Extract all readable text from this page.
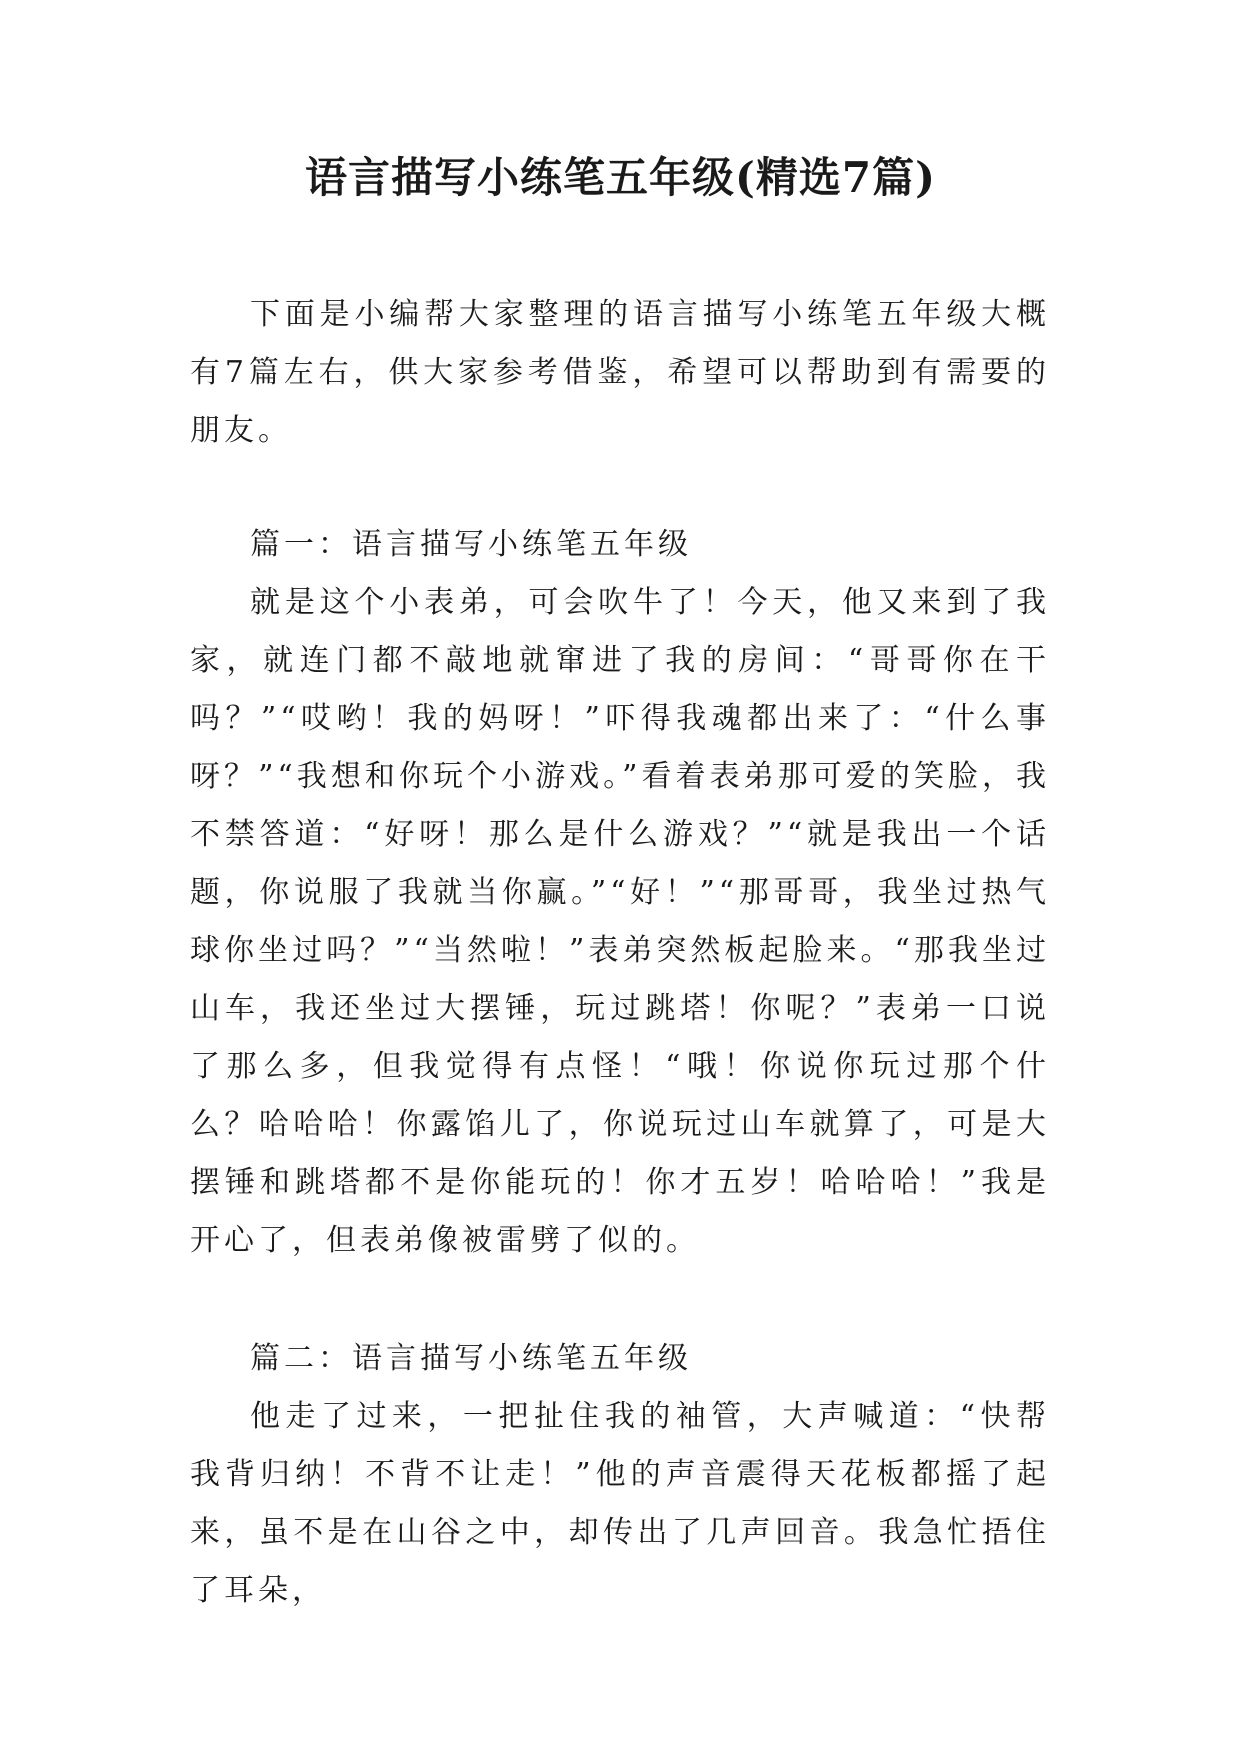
语言描写小练笔五年级(精选7篇)

下面是小编帮大家整理的语言描写小练笔五年级大概有7篇左右，供大家参考借鉴，希望可以帮助到有需要的朋友。

篇一：语言描写小练笔五年级

就是这个小表弟，可会吹牛了！今天，他又来到了我家，就连门都不敲地就窜进了我的房间：“哥哥你在干吗？”“哎哟！我的妈呀！”吓得我魂都出来了：“什么事呀？”“我想和你玩个小游戏。”看着表弟那可爱的笑脸，我不禁答道：“好呀！那么是什么游戏？”“就是我出一个话题，你说服了我就当你赢。”“好！”“那哥哥，我坐过热气球你坐过吗？”“当然啦！”表弟突然板起脸来。“那我坐过山车，我还坐过大摆锤，玩过跳塔！你呢？”表弟一口说了那么多，但我觉得有点怪！“哦！你说你玩过那个什么？哈哈哈！你露馅儿了，你说玩过山车就算了，可是大摆锤和跳塔都不是你能玩的！你才五岁！哈哈哈！”我是开心了，但表弟像被雷劈了似的。

篇二：语言描写小练笔五年级

他走了过来，一把扯住我的袖管，大声喊道：“快帮我背归纳！不背不让走！”他的声音震得天花板都摇了起来，虽不是在山谷之中，却传出了几声回音。我急忙捂住了耳朵，
